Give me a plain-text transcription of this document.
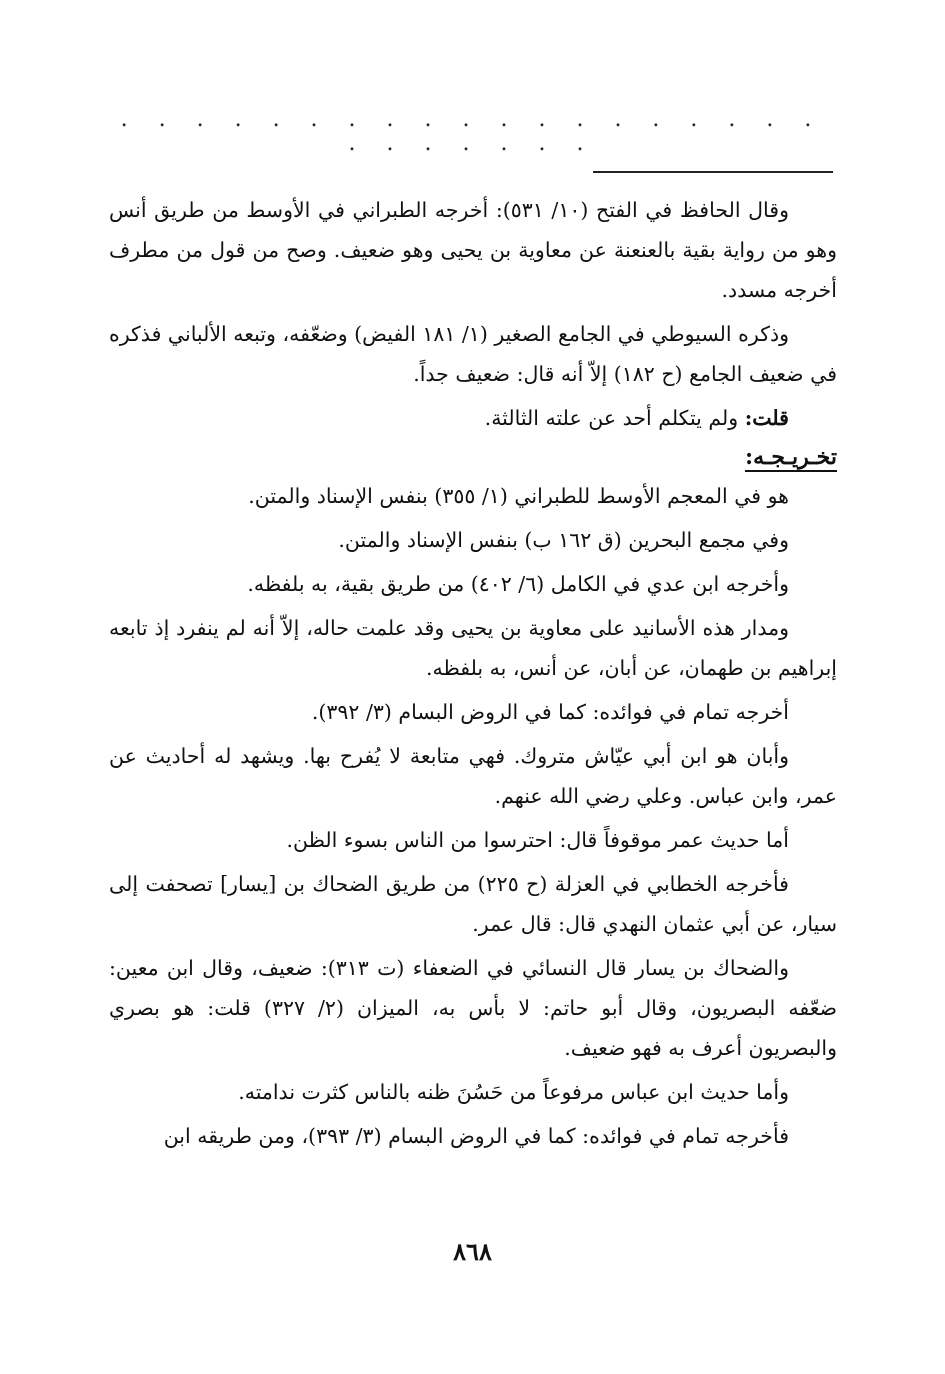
. . . . . . . . . . . . . . . . . . . . . . . . . .

وقال الحافظ في الفتح (١٠/ ٥٣١): أخرجه الطبراني في الأوسط من طريق أنس وهو من رواية بقية بالعنعنة عن معاوية بن يحيى وهو ضعيف. وصح من قول من مطرف أخرجه مسدد.

وذكره السيوطي في الجامع الصغير (١/ ١٨١ الفيض) وضعّفه، وتبعه الألباني فذكره في ضعيف الجامع (ح ١٨٢) إلاّ أنه قال: ضعيف جداً.

قلت: ولم يتكلم أحد عن علته الثالثة.

تخـريـجـه:

هو في المعجم الأوسط للطبراني (١/ ٣٥٥) بنفس الإسناد والمتن.

وفي مجمع البحرين (ق ١٦٢ ب) بنفس الإسناد والمتن.

وأخرجه ابن عدي في الكامل (٦/ ٤٠٢) من طريق بقية، به بلفظه.

ومدار هذه الأسانيد على معاوية بن يحيى وقد علمت حاله، إلاّ أنه لم ينفرد إذ تابعه إبراهيم بن طهمان، عن أبان، عن أنس، به بلفظه.

أخرجه تمام في فوائده: كما في الروض البسام (٣/ ٣٩٢).

وأبان هو ابن أبي عيّاش متروك. فهي متابعة لا يُفرح بها. ويشهد له أحاديث عن عمر، وابن عباس. وعلي رضي الله عنهم.

أما حديث عمر موقوفاً قال: احترسوا من الناس بسوء الظن.

فأخرجه الخطابي في العزلة (ح ٢٢٥) من طريق الضحاك بن [يسار] تصحفت إلى سيار، عن أبي عثمان النهدي قال: قال عمر.

والضحاك بن يسار قال النسائي في الضعفاء (ت ٣١٣): ضعيف، وقال ابن معين: ضعّفه البصريون، وقال أبو حاتم: لا بأس به، الميزان (٢/ ٣٢٧) قلت: هو بصري والبصريون أعرف به فهو ضعيف.

وأما حديث ابن عباس مرفوعاً من حَسُنَ ظنه بالناس كثرت ندامته.

فأخرجه تمام في فوائده: كما في الروض البسام (٣/ ٣٩٣)، ومن طريقه ابن

٨٦٨
